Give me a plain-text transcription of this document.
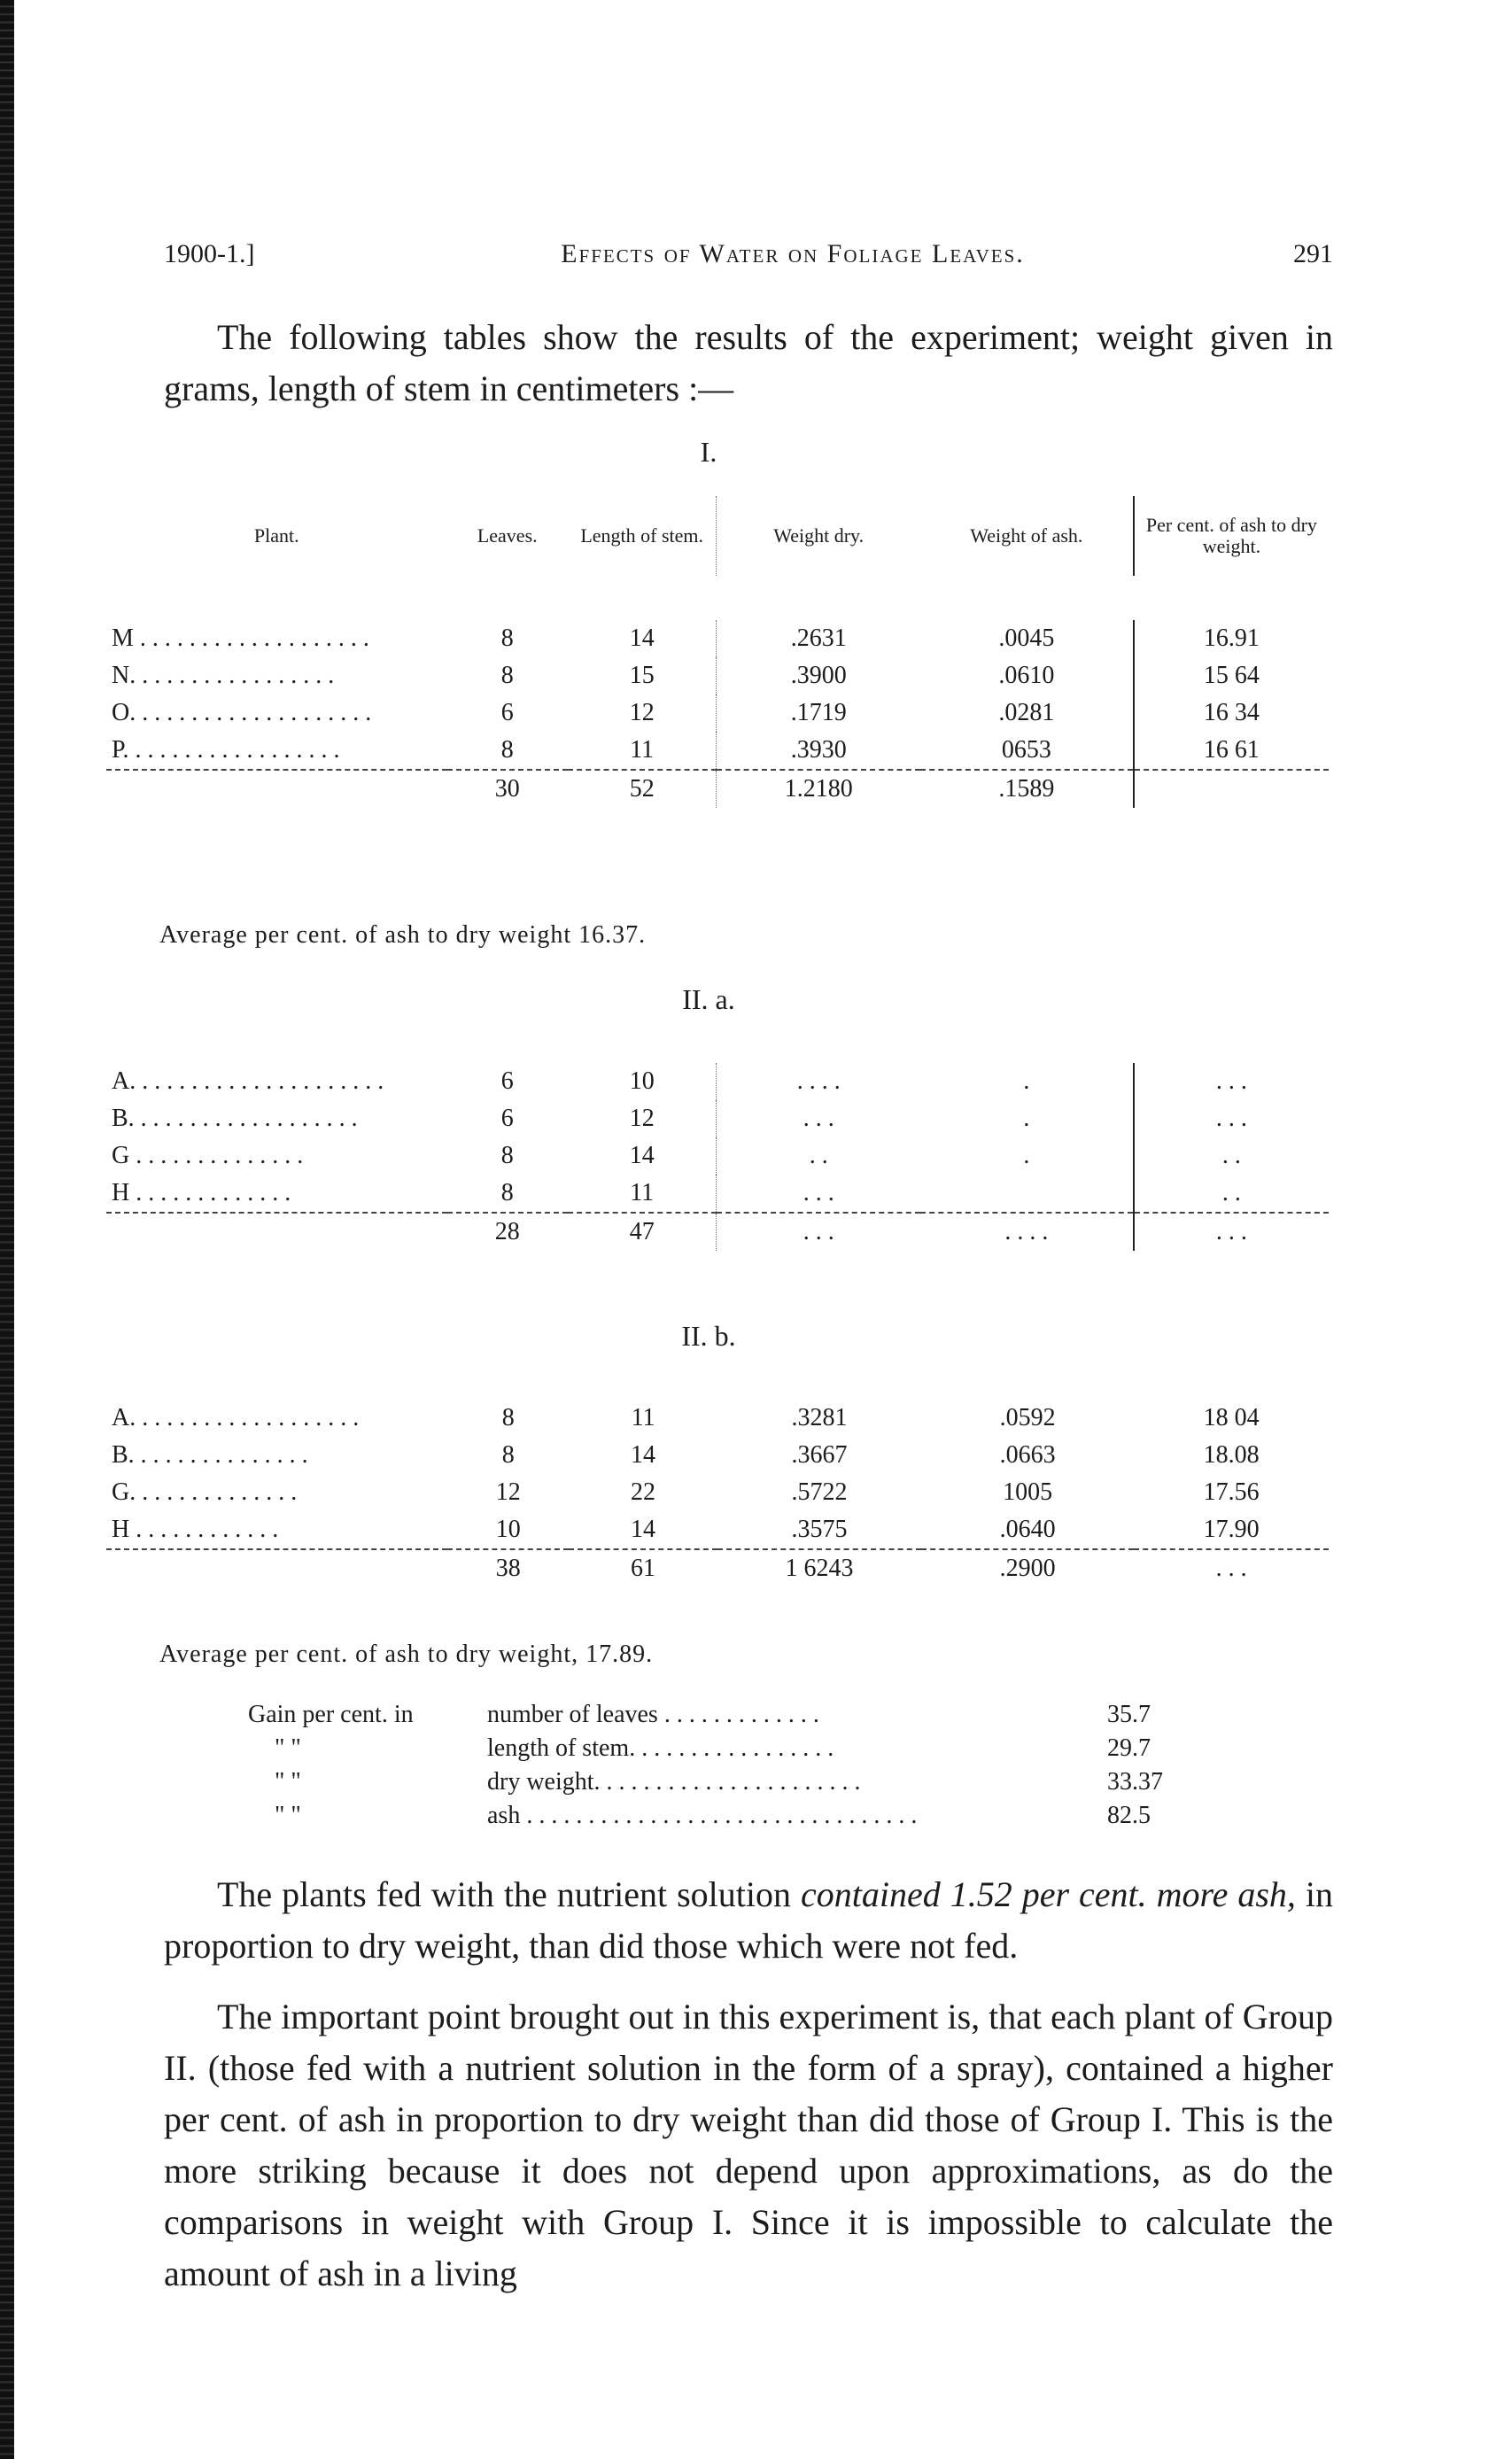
1900-1.]	Effects of Water on Foliage Leaves.	291
The following tables show the results of the experiment; weight given in grams, length of stem in centimeters :—
I.
Plant.	Leaves.	Length of stem.	Weight dry.	Weight of ash.	Per cent. of ash to dry weight.

M . . . . . . . . . . . . . . . . . . .	8	14	.2631	.0045	16.91
N. . . . . . . . . . . . . . . . .	8	15	.3900	.0610	15 64
O. . . . . . . . . . . . . . . . . . . .	6	12	.1719	.0281	16 34
P. . . . . . . . . . . . . . . . . .	8	11	.3930	0653	16 61
	30	52	1.2180	.1589	
Average per cent. of ash to dry weight 16.37.
II. a.
A. . . . . . . . . . . . . . . . . . . . .	6	10	. . . .	.	. . .
B. . . . . . . . . . . . . . . . . . .	6	12	. . .	.	. . .
G . . . . . . . . . . . . . .	8	14	. .	.	. .
H . . . . . . . . . . . . .	8	11	. . .		. .
	28	47	. . .	. . . .	. . .
II. b.
A. . . . . . . . . . . . . . . . . . .	8	11	.3281	.0592	18 04
B. . . . . . . . . . . . . . .	8	14	.3667	.0663	18.08
G. . . . . . . . . . . . . .	12	22	.5722	1005	17.56
H . . . . . . . . . . . .	10	14	.3575	.0640	17.90
	38	61	1 6243	.2900	. . .
Average per cent. of ash to dry weight, 17.89.
Gain per cent. in	number of leaves . . . . . . . . . . . . .	35.7
" "	length of stem. . . . . . . . . . . . . . . . .	29.7
" "	dry weight. . . . . . . . . . . . . . . . . . . . . .	33.37
" "	ash . . . . . . . . . . . . . . . . . . . . . . . . . . . . . . . .	82.5
The plants fed with the nutrient solution contained 1.52 per cent. more ash, in proportion to dry weight, than did those which were not fed.
The important point brought out in this experiment is, that each plant of Group II. (those fed with a nutrient solution in the form of a spray), contained a higher per cent. of ash in proportion to dry weight than did those of Group I. This is the more striking because it does not depend upon approximations, as do the comparisons in weight with Group I. Since it is impossible to calculate the amount of ash in a living
